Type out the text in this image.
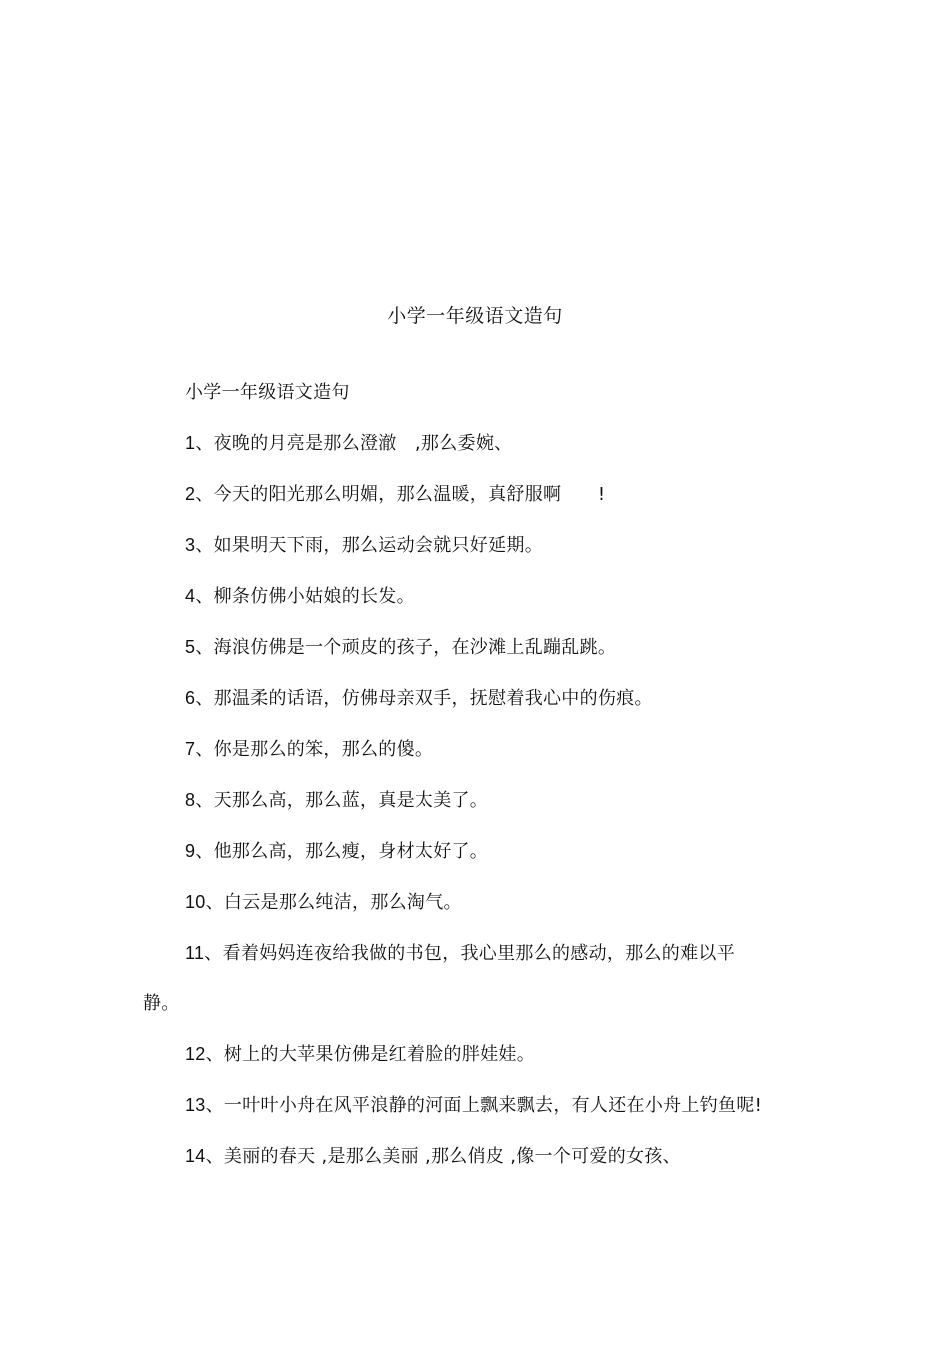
小学一年级语文造句

小学一年级语文造句

1、夜晚的月亮是那么澄澈　,那么委婉、

2、今天的阳光那么明媚，那么温暖，真舒服啊　　!

3、如果明天下雨，那么运动会就只好延期。

4、柳条仿佛小姑娘的长发。

5、海浪仿佛是一个顽皮的孩子，在沙滩上乱蹦乱跳。

6、那温柔的话语，仿佛母亲双手，抚慰着我心中的伤痕。

7、你是那么的笨，那么的傻。

8、天那么高，那么蓝，真是太美了。

9、他那么高，那么瘦，身材太好了。

10、白云是那么纯洁，那么淘气。

11、看着妈妈连夜给我做的书包，我心里那么的感动，那么的难以平静。

12、树上的大苹果仿佛是红着脸的胖娃娃。

13、一叶叶小舟在风平浪静的河面上飘来飘去，有人还在小舟上钓鱼呢!

14、美丽的春天 ,是那么美丽 ,那么俏皮 ,像一个可爱的女孩、
